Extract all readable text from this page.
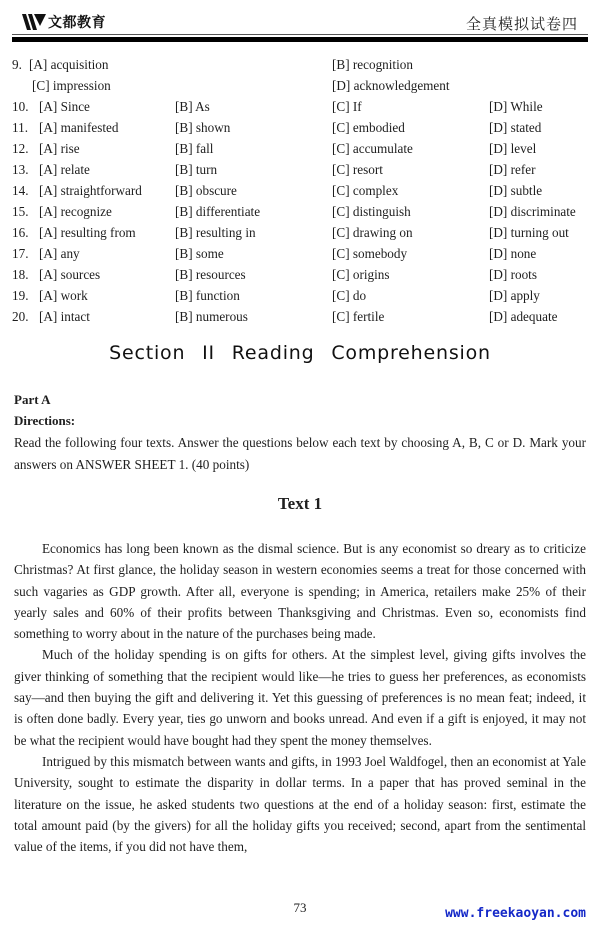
文都教育	全真模拟试卷四
9. [A] acquisition	[B] recognition
[C] impression	[D] acknowledgement
10. [A] Since	[B] As	[C] If	[D] While
11. [A] manifested	[B] shown	[C] embodied	[D] stated
12. [A] rise	[B] fall	[C] accumulate	[D] level
13. [A] relate	[B] turn	[C] resort	[D] refer
14. [A] straightforward	[B] obscure	[C] complex	[D] subtle
15. [A] recognize	[B] differentiate	[C] distinguish	[D] discriminate
16. [A] resulting from	[B] resulting in	[C] drawing on	[D] turning out
17. [A] any	[B] some	[C] somebody	[D] none
18. [A] sources	[B] resources	[C] origins	[D] roots
19. [A] work	[B] function	[C] do	[D] apply
20. [A] intact	[B] numerous	[C] fertile	[D] adequate
Section II Reading Comprehension
Part A
Directions:
Read the following four texts. Answer the questions below each text by choosing A, B, C or D. Mark your answers on ANSWER SHEET 1. (40 points)
Text 1

Economics has long been known as the dismal science. But is any economist so dreary as to criticize Christmas? At first glance, the holiday season in western economies seems a treat for those concerned with such vagaries as GDP growth. After all, everyone is spending; in America, retailers make 25% of their yearly sales and 60% of their profits between Thanksgiving and Christmas. Even so, economists find something to worry about in the nature of the purchases being made.

Much of the holiday spending is on gifts for others. At the simplest level, giving gifts involves the giver thinking of something that the recipient would like—he tries to guess her preferences, as economists say—and then buying the gift and delivering it. Yet this guessing of preferences is no mean feat; indeed, it is often done badly. Every year, ties go unworn and books unread. And even if a gift is enjoyed, it may not be what the recipient would have bought had they spent the money themselves.

Intrigued by this mismatch between wants and gifts, in 1993 Joel Waldfogel, then an economist at Yale University, sought to estimate the disparity in dollar terms. In a paper that has proved seminal in the literature on the issue, he asked students two questions at the end of a holiday season: first, estimate the total amount paid (by the givers) for all the holiday gifts you received; second, apart from the sentimental value of the items, if you did not have them,

73	www.freekaoyan.com
